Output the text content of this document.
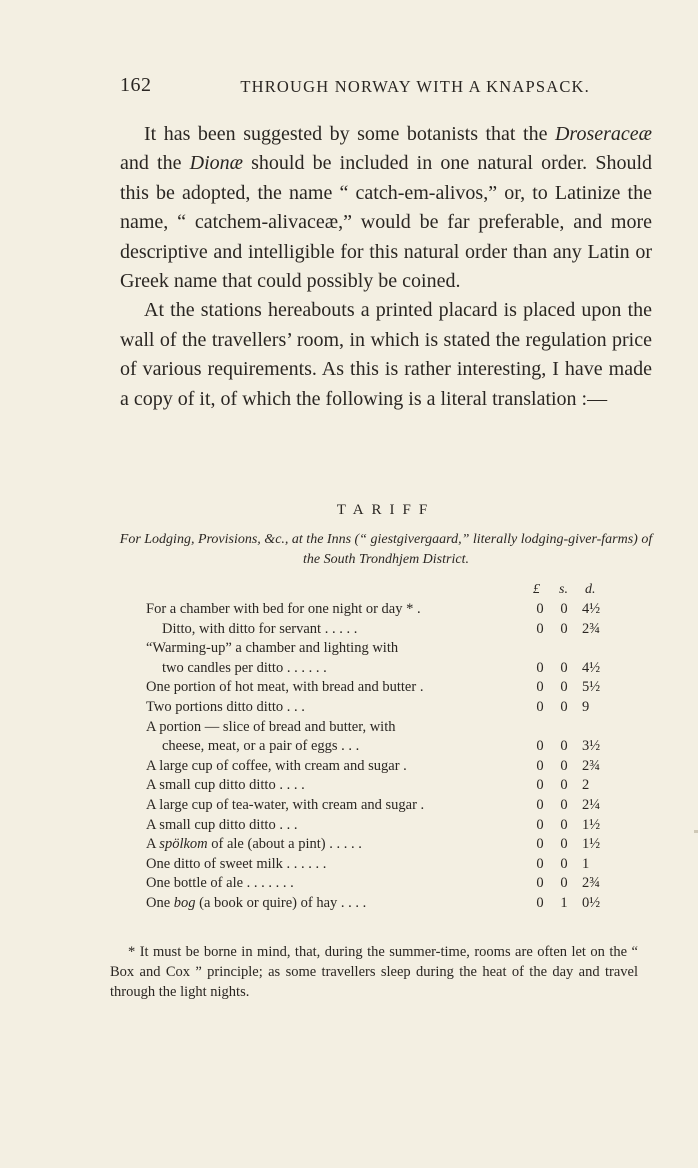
162	THROUGH NORWAY WITH A KNAPSACK.

It has been suggested by some botanists that the Droseraceæ and the Dionæ should be included in one natural order. Should this be adopted, the name “ catch-em-alivos,” or, to Latinize the name, “ catchem-alivaceæ,” would be far preferable, and more descriptive and intelligible for this natural order than any Latin or Greek name that could possibly be coined.

At the stations hereabouts a printed placard is placed upon the wall of the travellers’ room, in which is stated the regulation price of various requirements. As this is rather interesting, I have made a copy of it, of which the following is a literal translation :—

TARIFF
For Lodging, Provisions, &c., at the Inns (“ giestgivergaard,” literally lodging-giver-farms) of the South Trondhjem District.
£ s. d.
For a chamber with bed for one night or day * .	0 0 4½
Ditto, with ditto for servant . . . . .	0 0 2¾
“Warming-up” a chamber and lighting with
two candles per ditto . . . . . .	0 0 4½
One portion of hot meat, with bread and butter .	0 0 5½
Two portions ditto ditto . . .	0 0 9
A portion — slice of bread and butter, with
cheese, meat, or a pair of eggs . . .	0 0 3½
A large cup of coffee, with cream and sugar .	0 0 2¾
A small cup ditto ditto . . . .	0 0 2
A large cup of tea-water, with cream and sugar .	0 0 2¼
A small cup ditto ditto . . .	0 0 1½
A spölkom of ale (about a pint) . . . . .	0 0 1½
One ditto of sweet milk . . . . . .	0 0 1
One bottle of ale . . . . . . .	0 0 2¾
One bog (a book or quire) of hay . . . .	0 1 0½

* It must be borne in mind, that, during the summer-time, rooms are often let on the “ Box and Cox ” principle; as some travellers sleep during the heat of the day and travel through the light nights.
